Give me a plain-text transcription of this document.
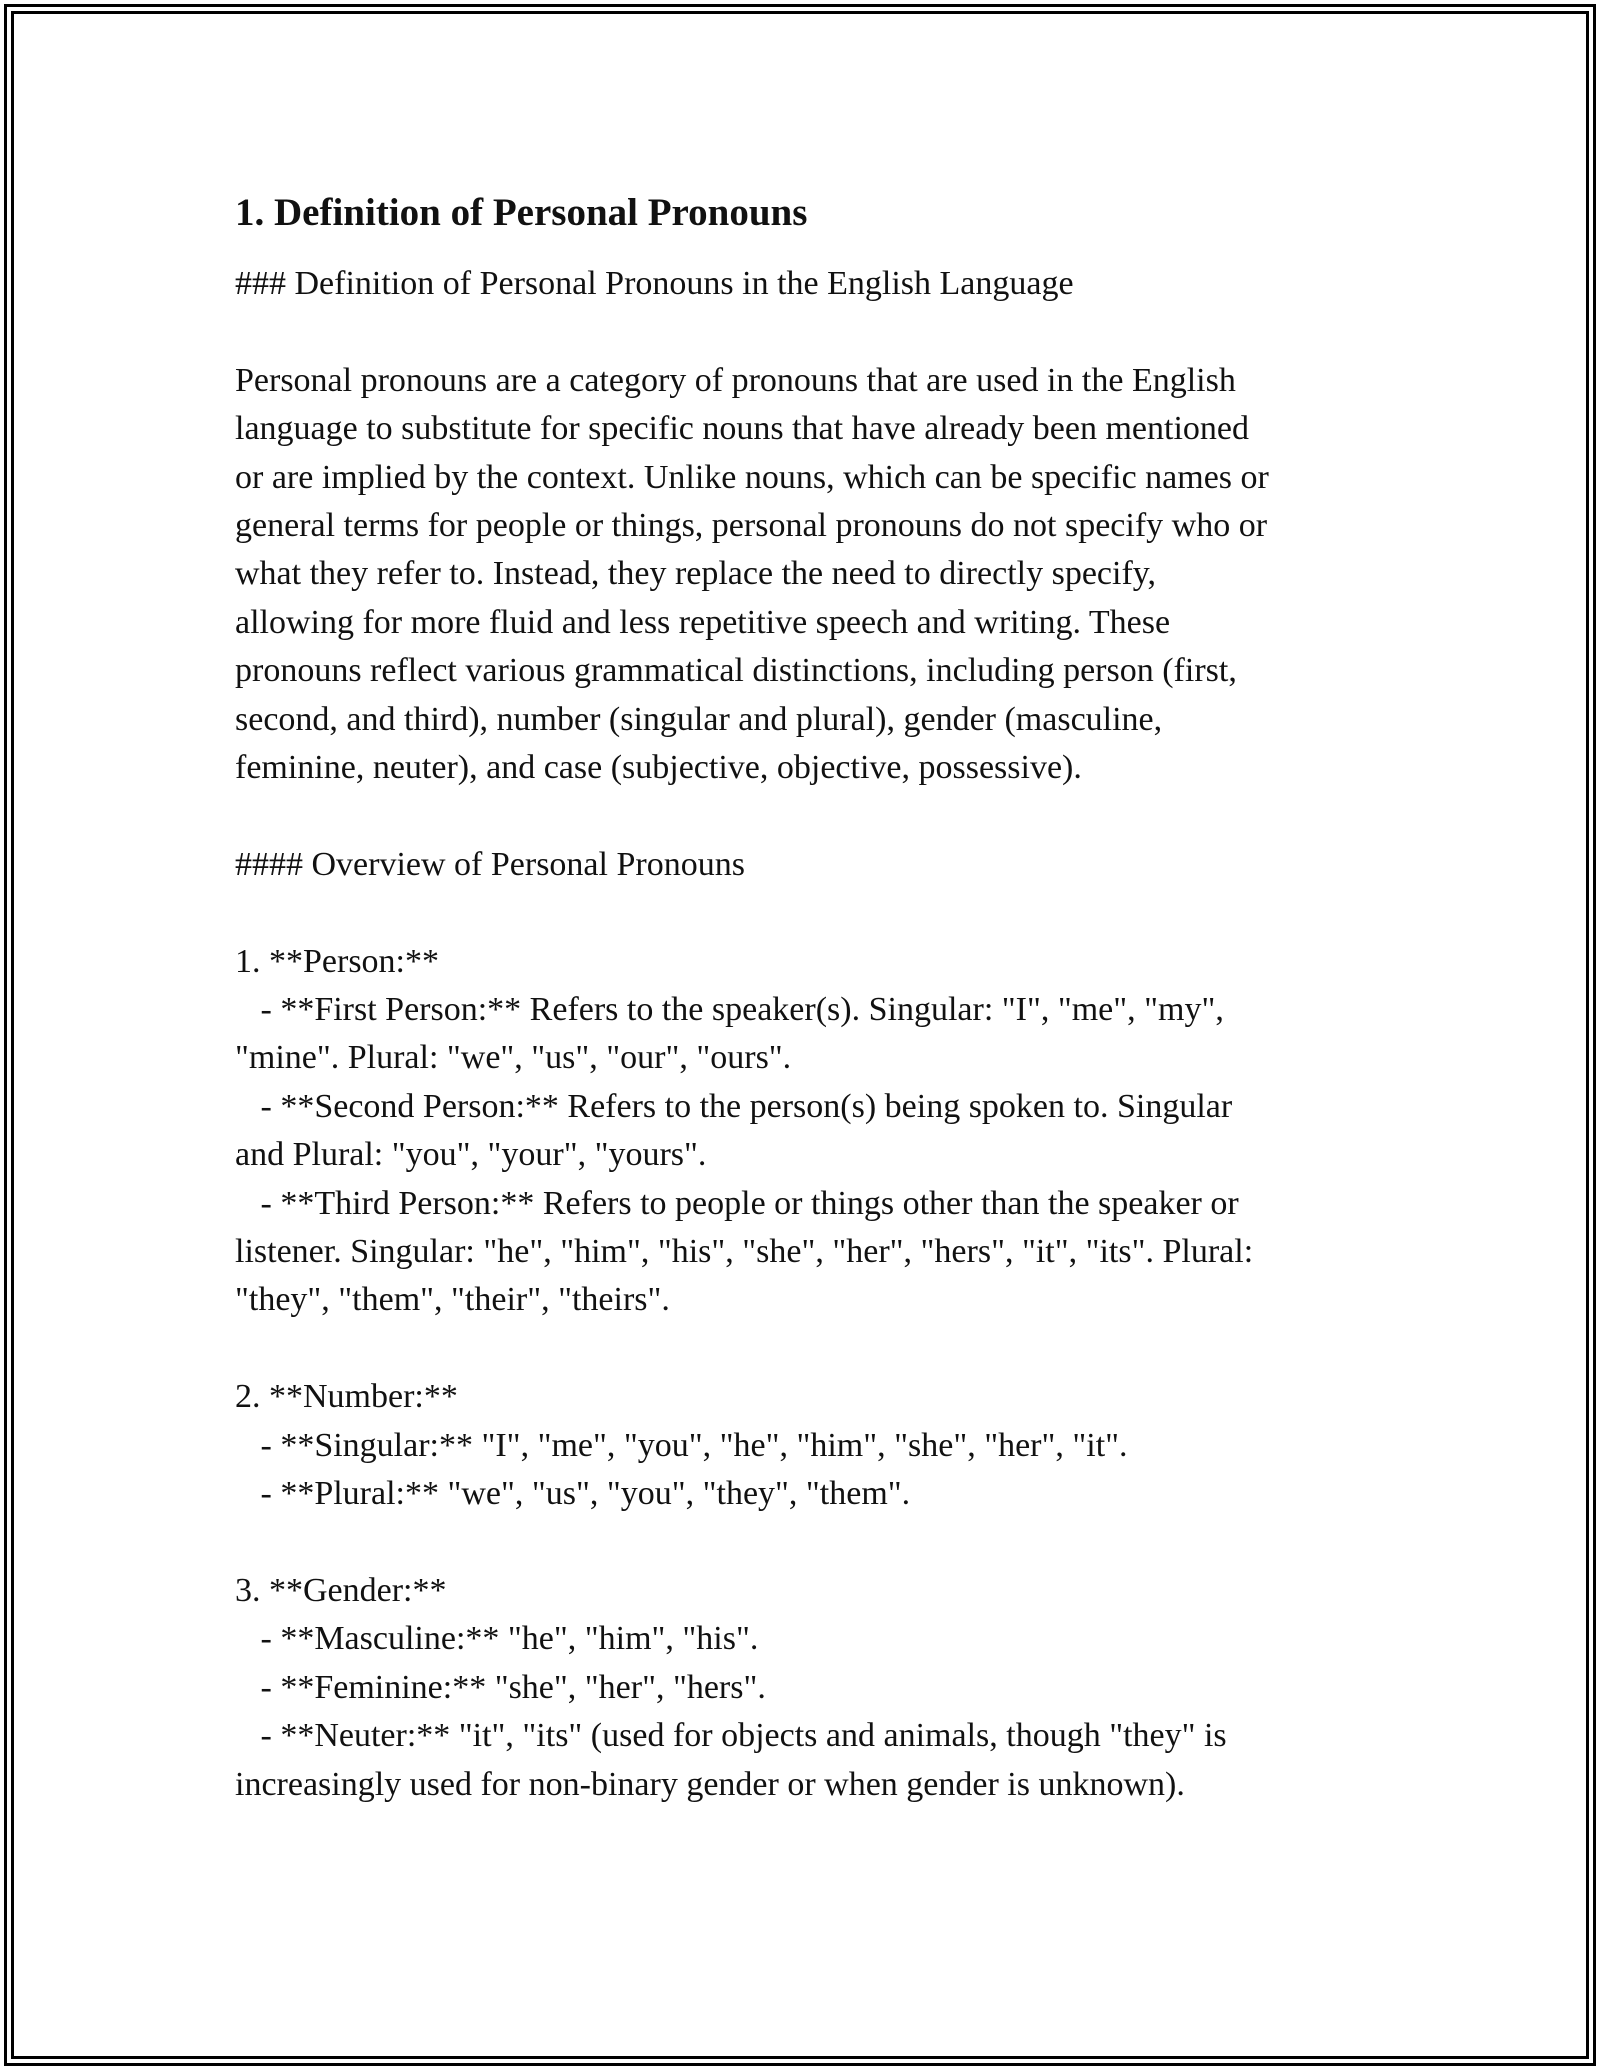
1. Definition of Personal Pronouns

### Definition of Personal Pronouns in the English Language

Personal pronouns are a category of pronouns that are used in the English

language to substitute for specific nouns that have already been mentioned

or are implied by the context. Unlike nouns, which can be specific names or

general terms for people or things, personal pronouns do not specify who or

what they refer to. Instead, they replace the need to directly specify,

allowing for more fluid and less repetitive speech and writing. These

pronouns reflect various grammatical distinctions, including person (first,

second, and third), number (singular and plural), gender (masculine,

feminine, neuter), and case (subjective, objective, possessive).

#### Overview of Personal Pronouns

1. **Person:**

- **First Person:** Refers to the speaker(s). Singular: "I", "me", "my",

"mine". Plural: "we", "us", "our", "ours".

- **Second Person:** Refers to the person(s) being spoken to. Singular

and Plural: "you", "your", "yours".

- **Third Person:** Refers to people or things other than the speaker or

listener. Singular: "he", "him", "his", "she", "her", "hers", "it", "its". Plural:

"they", "them", "their", "theirs".

2. **Number:**

- **Singular:** "I", "me", "you", "he", "him", "she", "her", "it".

- **Plural:** "we", "us", "you", "they", "them".

3. **Gender:**

- **Masculine:** "he", "him", "his".

- **Feminine:** "she", "her", "hers".

- **Neuter:** "it", "its" (used for objects and animals, though "they" is

increasingly used for non-binary gender or when gender is unknown).
